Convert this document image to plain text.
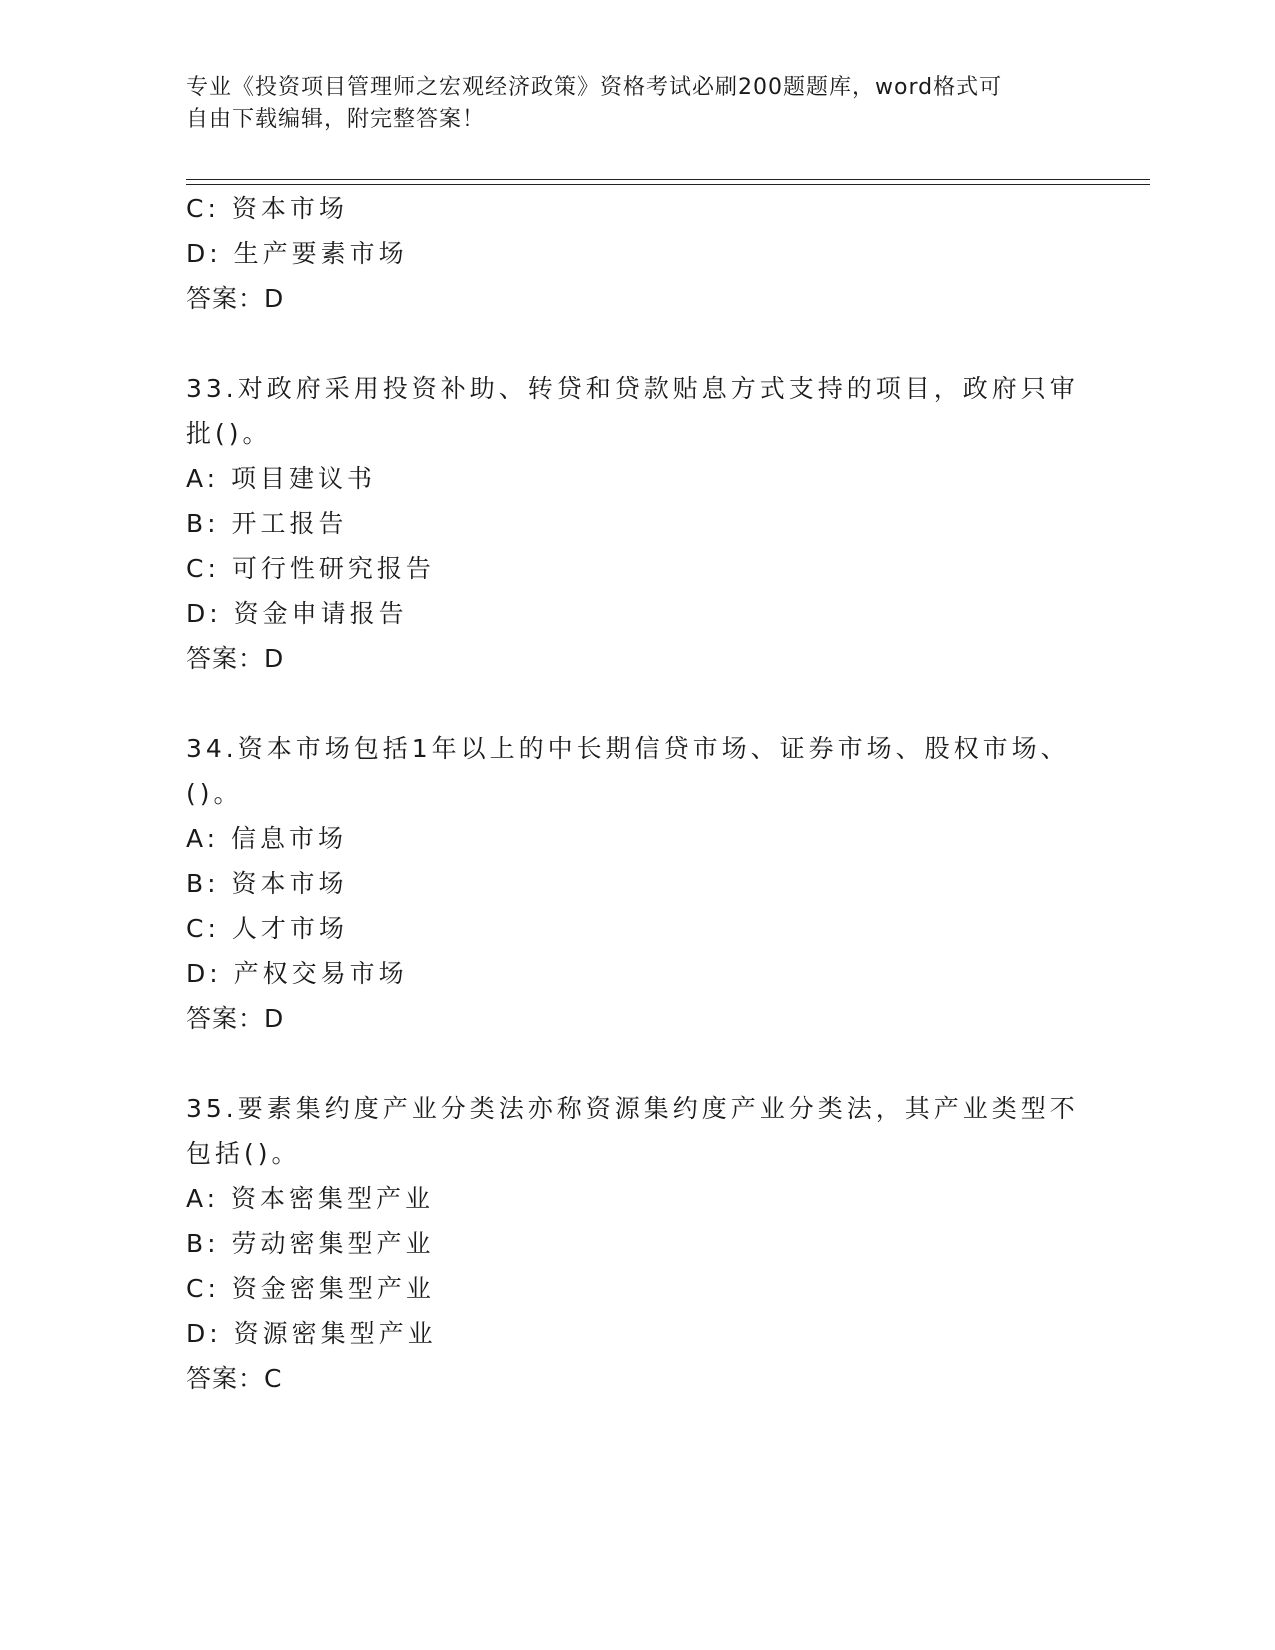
专业《投资项目管理师之宏观经济政策》资格考试必刷200题题库，word格式可
自由下载编辑，附完整答案！
C: 资本市场
D: 生产要素市场
答案：D
33.对政府采用投资补助、转贷和贷款贴息方式支持的项目，政府只审
批()。
A: 项目建议书
B: 开工报告
C: 可行性研究报告
D: 资金申请报告
答案：D
34.资本市场包括1年以上的中长期信贷市场、证券市场、股权市场、
()。
A: 信息市场
B: 资本市场
C: 人才市场
D: 产权交易市场
答案：D
35.要素集约度产业分类法亦称资源集约度产业分类法，其产业类型不
包括()。
A: 资本密集型产业
B: 劳动密集型产业
C: 资金密集型产业
D: 资源密集型产业
答案：C
